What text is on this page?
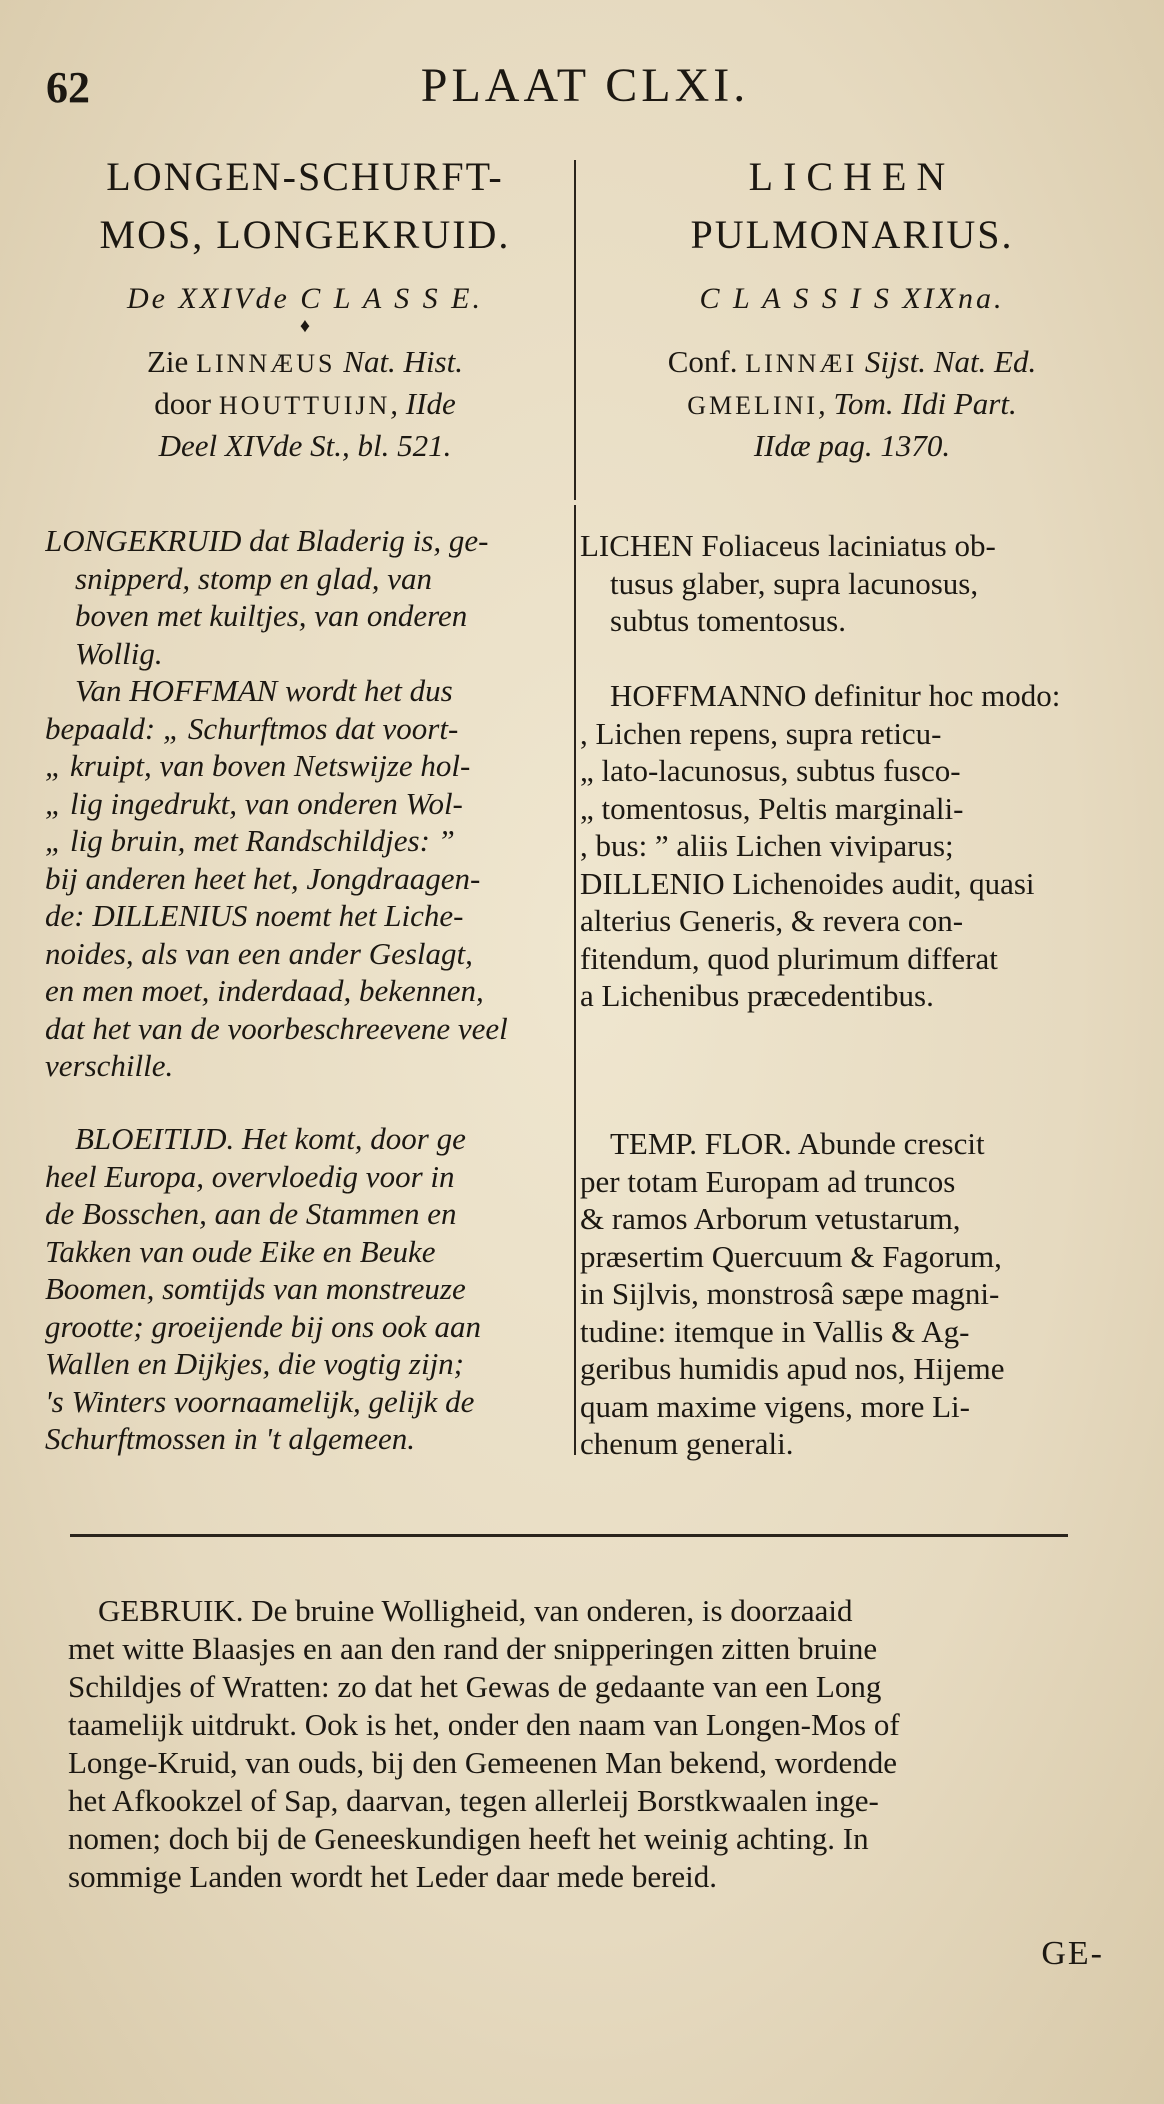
62	PLAAT CLXI.
LONGEN-SCHURFT-
MOS, LONGEKRUID.
De XXIVde C L A S S E.
♦
Zie LINNÆUS Nat. Hist.
door HOUTTUIJN, IIde
Deel XIVde St., bl. 521.
LICHEN
PULMONARIUS.
C L A S S I S XIXna.

Conf. LINNÆI Sijst. Nat. Ed.
GMELINI, Tom. IIdi Part.
IIdæ pag. 1370.
LONGEKRUID dat Bladerig is, ge-
snipperd, stomp en glad, van
boven met kuiltjes, van onderen
Wollig.
Van HOFFMAN wordt het dus
bepaald: „ Schurftmos dat voort-
„ kruipt, van boven Netswijze hol-
„ lig ingedrukt, van onderen Wol-
„ lig bruin, met Randschildjes: ”
bij anderen heet het, Jongdraagen-
de: DILLENIUS noemt het Liche-
noides, als van een ander Geslagt,
en men moet, inderdaad, bekennen,
dat het van de voorbeschreevene veel
verschille.
LICHEN Foliaceus laciniatus ob-
tusus glaber, supra lacunosus,
subtus tomentosus.

HOFFMANNO definitur hoc modo:
, Lichen repens, supra reticu-
„ lato-lacunosus, subtus fusco-
„ tomentosus, Peltis marginali-
, bus: ” aliis Lichen viviparus;
DILLENIO Lichenoides audit, quasi
alterius Generis, & revera con-
fitendum, quod plurimum differat
a Lichenibus præcedentibus.
BLOEITIJD. Het komt, door ge
heel Europa, overvloedig voor in
de Bosschen, aan de Stammen en
Takken van oude Eike en Beuke
Boomen, somtijds van monstreuze
grootte; groeijende bij ons ook aan
Wallen en Dijkjes, die vogtig zijn;
's Winters voornaamelijk, gelijk de
Schurftmossen in 't algemeen.
TEMP. FLOR. Abunde crescit
per totam Europam ad truncos
& ramos Arborum vetustarum,
præsertim Quercuum & Fagorum,
in Sijlvis, monstrosâ sæpe magni-
tudine: itemque in Vallis & Ag-
geribus humidis apud nos, Hijeme
quam maxime vigens, more Li-
chenum generali.
GEBRUIK. De bruine Wolligheid, van onderen, is doorzaaid
met witte Blaasjes en aan den rand der snipperingen zitten bruine
Schildjes of Wratten: zo dat het Gewas de gedaante van een Long
taamelijk uitdrukt. Ook is het, onder den naam van Longen-Mos of
Longe-Kruid, van ouds, bij den Gemeenen Man bekend, wordende
het Afkookzel of Sap, daarvan, tegen allerleij Borstkwaalen inge-
nomen; doch bij de Geneeskundigen heeft het weinig achting. In
sommige Landen wordt het Leder daar mede bereid.
GE-
